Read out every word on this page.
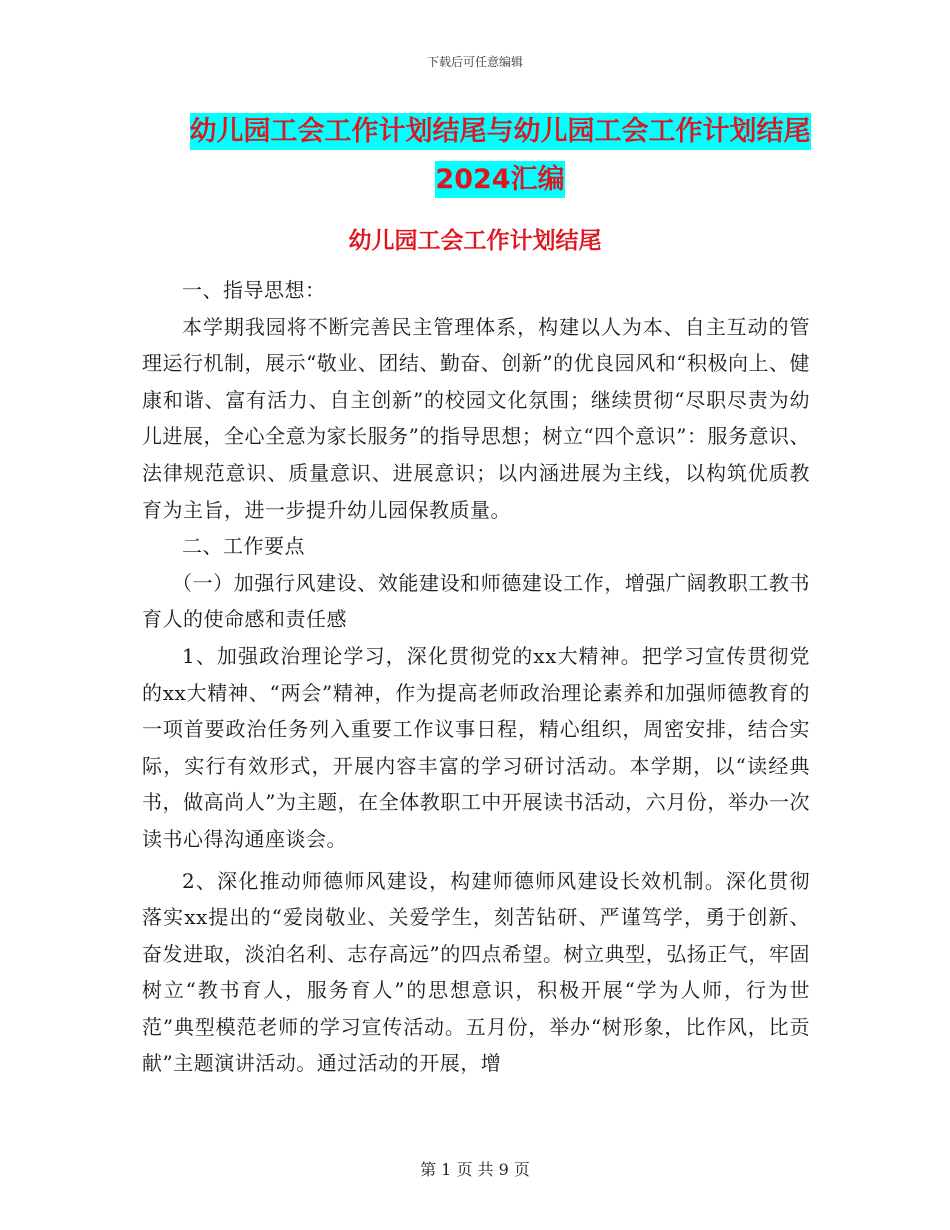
下载后可任意编辑
幼儿园工会工作计划结尾与幼儿园工会工作计划结尾
2024汇编
幼儿园工会工作计划结尾

一、指导思想：

本学期我园将不断完善民主管理体系，构建以人为本、自主互动的管理运行机制，展示“敬业、团结、勤奋、创新”的优良园风和“积极向上、健康和谐、富有活力、自主创新”的校园文化氛围；继续贯彻“尽职尽责为幼儿进展，全心全意为家长服务”的指导思想；树立“四个意识”：服务意识、法律规范意识、质量意识、进展意识；以内涵进展为主线，以构筑优质教育为主旨，进一步提升幼儿园保教质量。

二、工作要点

（一）加强行风建设、效能建设和师德建设工作，增强广阔教职工教书育人的使命感和责任感

1、加强政治理论学习，深化贯彻党的xx大精神。把学习宣传贯彻党的xx大精神、“两会”精神，作为提高老师政治理论素养和加强师德教育的一项首要政治任务列入重要工作议事日程，精心组织，周密安排，结合实际，实行有效形式，开展内容丰富的学习研讨活动。本学期，以“读经典书，做高尚人”为主题，在全体教职工中开展读书活动，六月份，举办一次读书心得沟通座谈会。

2、深化推动师德师风建设，构建师德师风建设长效机制。深化贯彻落实xx提出的“爱岗敬业、关爱学生，刻苦钻研、严谨笃学，勇于创新、奋发进取，淡泊名利、志存高远”的四点希望。树立典型，弘扬正气，牢固树立“教书育人，服务育人”的思想意识，积极开展“学为人师，行为世范”典型模范老师的学习宣传活动。五月份，举办“树形象，比作风，比贡献”主题演讲活动。通过活动的开展，增

第 1 页 共 9 页
